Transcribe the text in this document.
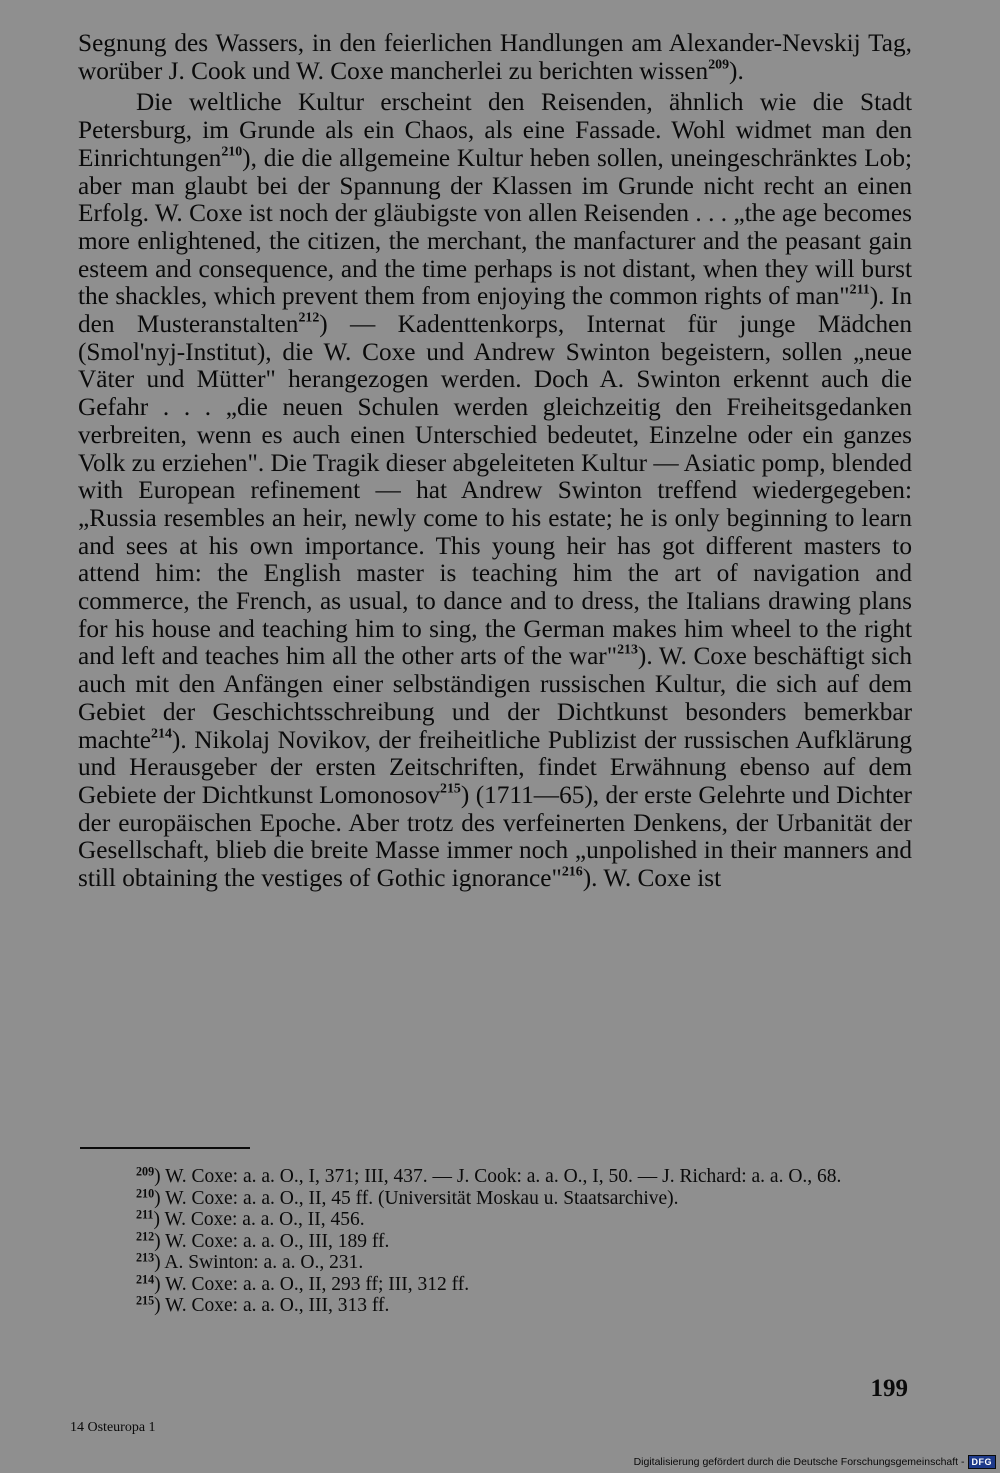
Segnung des Wassers, in den feierlichen Handlungen am Alexander-Nevskij Tag, worüber J. Cook und W. Coxe mancherlei zu berichten wissen$^{209}$).

Die weltliche Kultur erscheint den Reisenden, ähnlich wie die Stadt Petersburg, im Grunde als ein Chaos, als eine Fassade. Wohl widmet man den Einrichtungen$^{210}$), die die allgemeine Kultur heben sollen, uneingeschränktes Lob; aber man glaubt bei der Spannung der Klassen im Grunde nicht recht an einen Erfolg. W. Coxe ist noch der gläubigste von allen Reisenden . . . „the age becomes more enlightened, the citizen, the merchant, the manfacturer and the peasant gain esteem and consequence, and the time perhaps is not distant, when they will burst the shackles, which prevent them from enjoying the common rights of man"$^{211}$). In den Musteranstalten$^{212}$) — Kadenttenkorps, Internat für junge Mädchen (Smol'nyj-Institut), die W. Coxe und Andrew Swinton begeistern, sollen „neue Väter und Mütter" herangezogen werden. Doch A. Swinton erkennt auch die Gefahr . . . „die neuen Schulen werden gleichzeitig den Freiheitsgedanken verbreiten, wenn es auch einen Unterschied bedeutet, Einzelne oder ein ganzes Volk zu erziehen". Die Tragik dieser abgeleiteten Kultur — Asiatic pomp, blended with European refinement — hat Andrew Swinton treffend wiedergegeben: „Russia resembles an heir, newly come to his estate; he is only beginning to learn and sees at his own importance. This young heir has got different masters to attend him: the English master is teaching him the art of navigation and commerce, the French, as usual, to dance and to dress, the Italians drawing plans for his house and teaching him to sing, the German makes him wheel to the right and left and teaches him all the other arts of the war"$^{213}$). W. Coxe beschäftigt sich auch mit den Anfängen einer selbständigen russischen Kultur, die sich auf dem Gebiet der Geschichtsschreibung und der Dichtkunst besonders bemerkbar machte$^{214}$). Nikolaj Novikov, der freiheitliche Publizist der russischen Aufklärung und Herausgeber der ersten Zeitschriften, findet Erwähnung ebenso auf dem Gebiete der Dichtkunst Lomonosov$^{215}$) (1711—65), der erste Gelehrte und Dichter der europäischen Epoche. Aber trotz des verfeinerten Denkens, der Urbanität der Gesellschaft, blieb die breite Masse immer noch „unpolished in their manners and still obtaining the vestiges of Gothic ignorance"$^{216}$). W. Coxe ist

$^{209}$) W. Coxe: a. a. O., I, 371; III, 437. — J. Cook: a. a. O., I, 50. — J. Richard: a. a. O., 68.

$^{210}$) W. Coxe: a. a. O., II, 45 ff. (Universität Moskau u. Staatsarchive).

$^{211}$) W. Coxe: a. a. O., II, 456.

$^{212}$) W. Coxe: a. a. O., III, 189 ff.

$^{213}$) A. Swinton: a. a. O., 231.

$^{214}$) W. Coxe: a. a. O., II, 293 ff; III, 312 ff.

$^{215}$) W. Coxe: a. a. O., III, 313 ff.

199
14 Osteuropa 1
Digitalisierung gefördert durch die Deutsche Forschungsgemeinschaft - DFG
